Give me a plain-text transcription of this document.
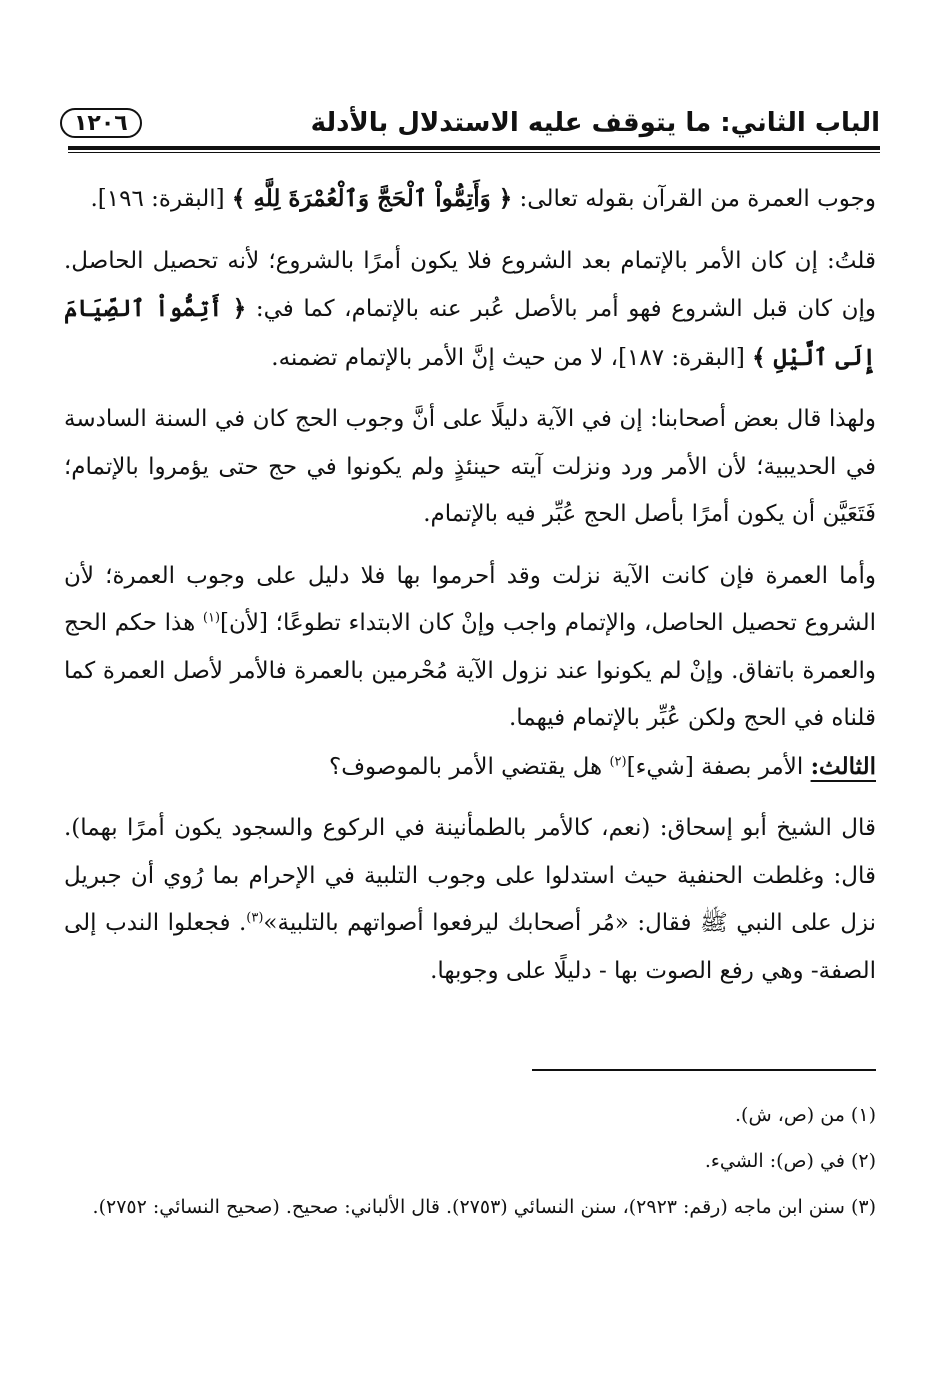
الباب الثاني: ما يتوقف عليه الاستدلال بالأدلة
١٢٠٦

وجوب العمرة من القرآن بقوله تعالى: ﴿ وَأَتِمُّواْ ٱلْحَجَّ وَٱلْعُمْرَةَ لِلَّهِ ﴾ [البقرة: ١٩٦].

قلتُ: إن كان الأمر بالإتمام بعد الشروع فلا يكون أمرًا بالشروع؛ لأنه تحصيل الحاصل. وإن كان قبل الشروع فهو أمر بالأصل عُبر عنه بالإتمام، كما في: ﴿ أَتِمُّواْ ٱلصِّيَامَ إِلَى ٱلَّيْلِ ﴾ [البقرة: ١٨٧]، لا من حيث إنَّ الأمر بالإتمام تضمنه.

ولهذا قال بعض أصحابنا: إن في الآية دليلًا على أنَّ وجوب الحج كان في السنة السادسة في الحديبية؛ لأن الأمر ورد ونزلت آيته حينئذٍ ولم يكونوا في حج حتى يؤمروا بالإتمام؛ فَتَعَيَّن أن يكون أمرًا بأصل الحج عُبِّر فيه بالإتمام.

وأما العمرة فإن كانت الآية نزلت وقد أحرموا بها فلا دليل على وجوب العمرة؛ لأن الشروع تحصيل الحاصل، والإتمام واجب وإنْ كان الابتداء تطوعًا؛ [لأن]$^{(١)}$ هذا حكم الحج والعمرة باتفاق. وإنْ لم يكونوا عند نزول الآية مُحْرمين بالعمرة فالأمر لأصل العمرة كما قلناه في الحج ولكن عُبِّر بالإتمام فيهما.

الثالث: الأمر بصفة [شيء]$^{(٢)}$ هل يقتضي الأمر بالموصوف؟

قال الشيخ أبو إسحاق: (نعم، كالأمر بالطمأنينة في الركوع والسجود يكون أمرًا بهما). قال: وغلطت الحنفية حيث استدلوا على وجوب التلبية في الإحرام بما رُوي أن جبريل نزل على النبي ﷺ فقال: «مُر أصحابك ليرفعوا أصواتهم بالتلبية»$^{(٣)}$. فجعلوا الندب إلى الصفة- وهي رفع الصوت بها - دليلًا على وجوبها.

(١) من (ص، ش).

(٢) في (ص): الشيء.

(٣) سنن ابن ماجه (رقم: ٢٩٢٣)، سنن النسائي (٢٧٥٣). قال الألباني: صحيح. (صحيح النسائي: ٢٧٥٢).
